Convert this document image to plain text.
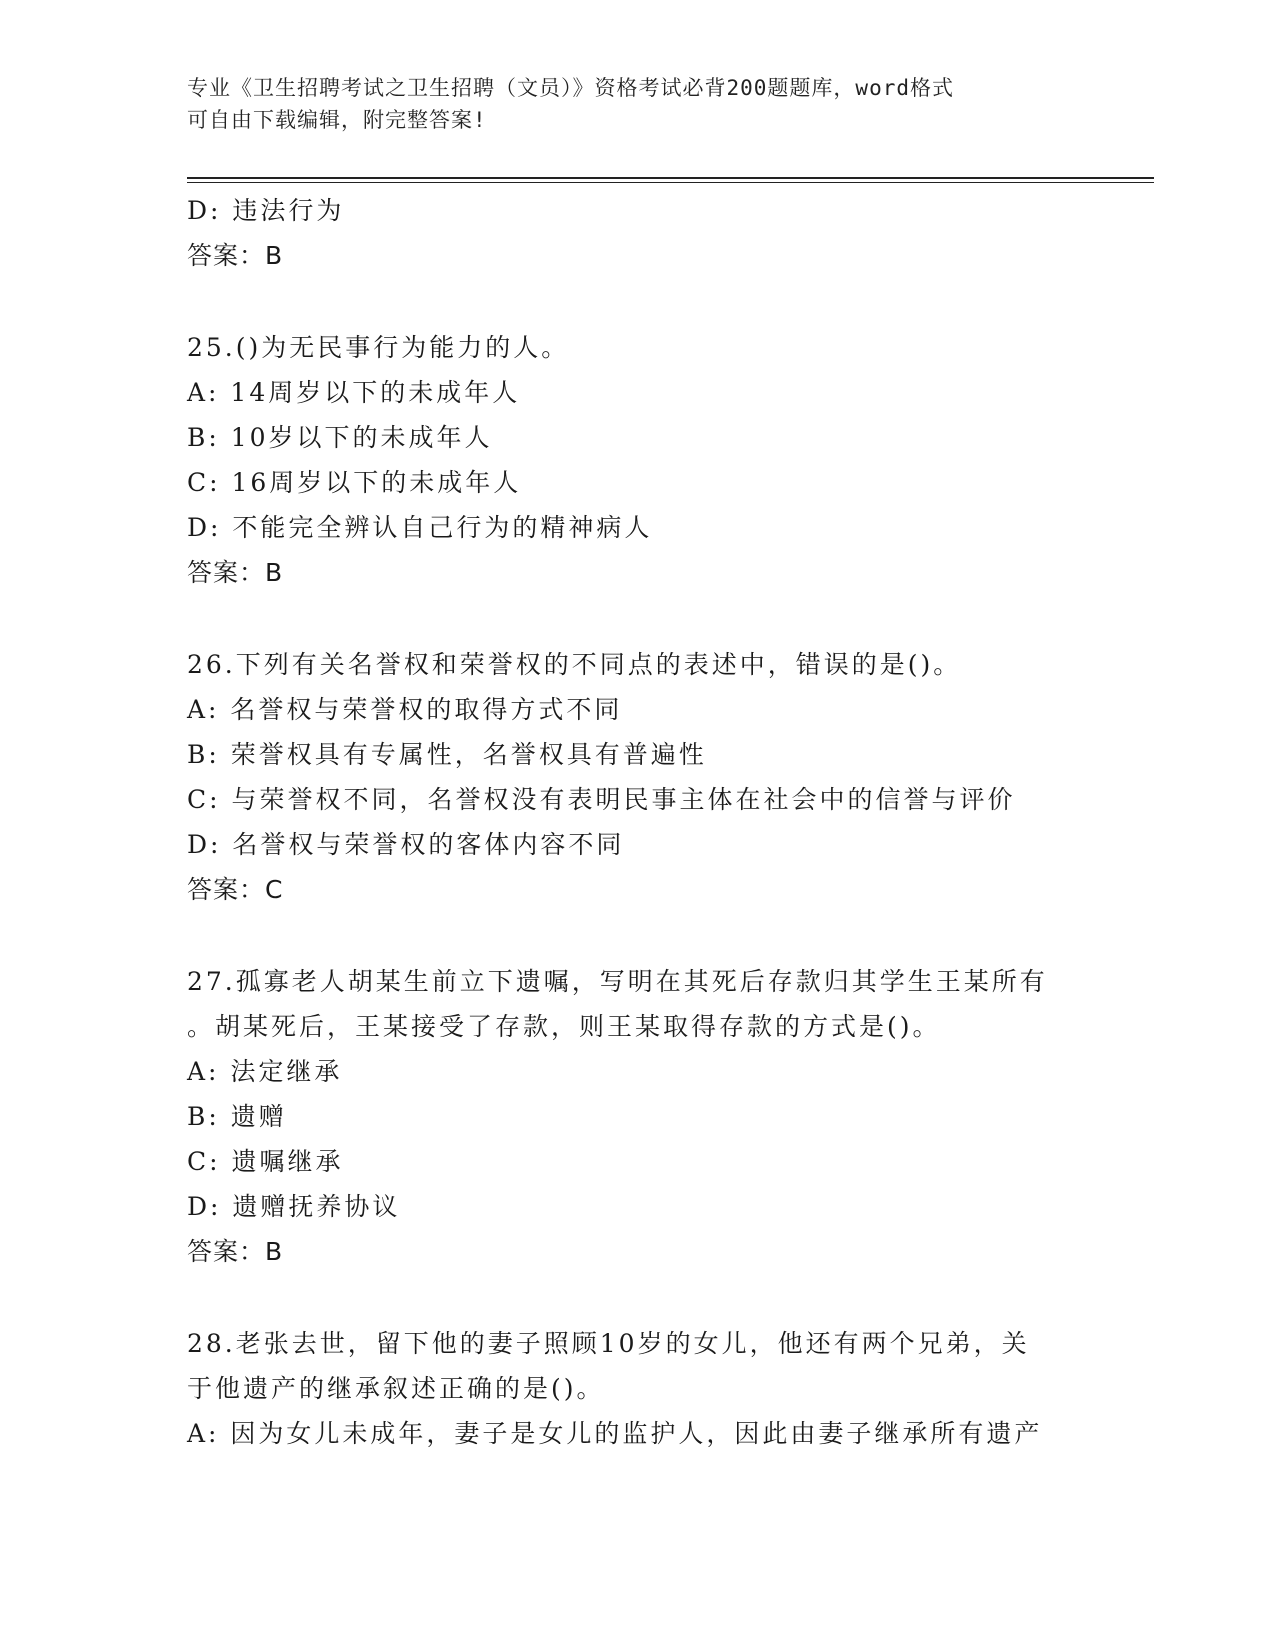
专业《卫生招聘考试之卫生招聘（文员）》资格考试必背200题题库，word格式
可自由下载编辑，附完整答案!
D: 违法行为
答案：B
25.()为无民事行为能力的人。
A: 14周岁以下的未成年人
B: 10岁以下的未成年人
C: 16周岁以下的未成年人
D: 不能完全辨认自己行为的精神病人
答案：B
26.下列有关名誉权和荣誉权的不同点的表述中，错误的是()。
A: 名誉权与荣誉权的取得方式不同
B: 荣誉权具有专属性，名誉权具有普遍性
C: 与荣誉权不同，名誉权没有表明民事主体在社会中的信誉与评价
D: 名誉权与荣誉权的客体内容不同
答案：C
27.孤寡老人胡某生前立下遗嘱，写明在其死后存款归其学生王某所有
。胡某死后，王某接受了存款，则王某取得存款的方式是()。
A: 法定继承
B: 遗赠
C: 遗嘱继承
D: 遗赠抚养协议
答案：B
28.老张去世，留下他的妻子照顾10岁的女儿，他还有两个兄弟，关
于他遗产的继承叙述正确的是()。
A: 因为女儿未成年，妻子是女儿的监护人，因此由妻子继承所有遗产
